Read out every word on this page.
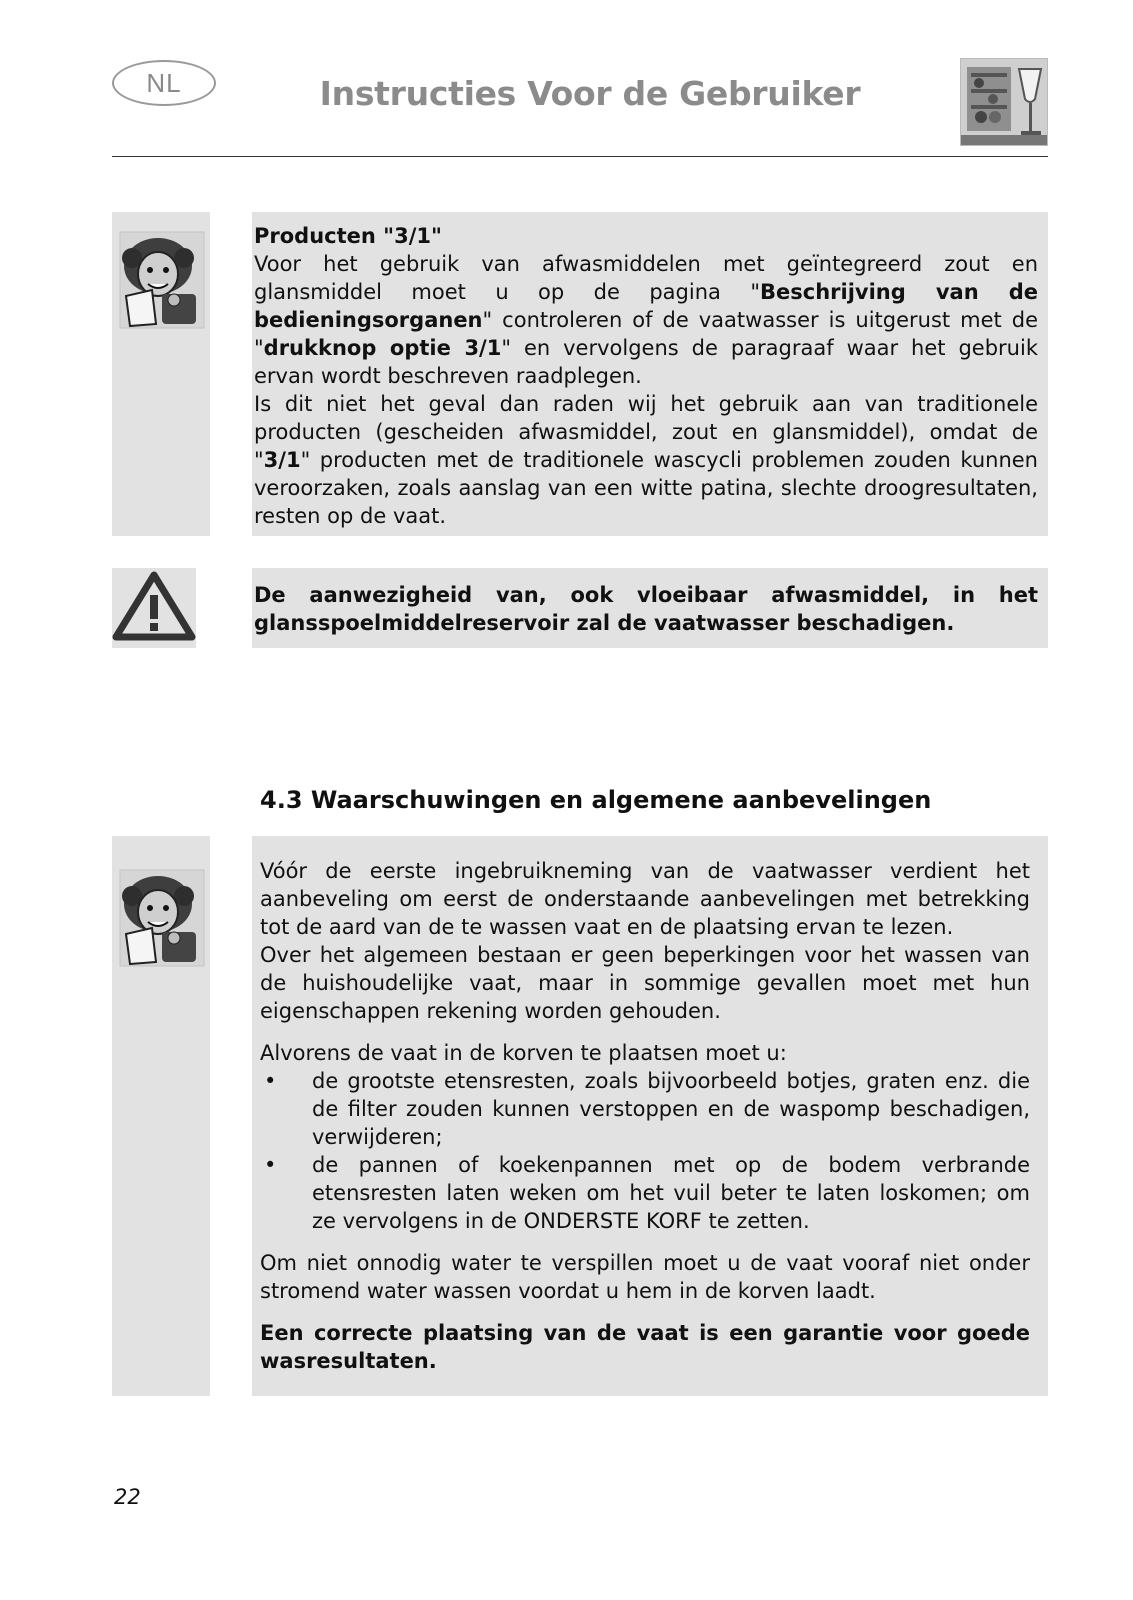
NL	Instructies Voor de Gebruiker

Producten "3/1"

Voor het gebruik van afwasmiddelen met geïntegreerd zout en glansmiddel moet u op de pagina "Beschrijving van de bedieningsorganen" controleren of de vaatwasser is uitgerust met de "drukknop optie 3/1" en vervolgens de paragraaf waar het gebruik ervan wordt beschreven raadplegen.

Is dit niet het geval dan raden wij het gebruik aan van traditionele producten (gescheiden afwasmiddel, zout en glansmiddel), omdat de "3/1" producten met de traditionele wascycli problemen zouden kunnen veroorzaken, zoals aanslag van een witte patina, slechte droogresultaten, resten op de vaat.

De aanwezigheid van, ook vloeibaar afwasmiddel, in het glansspoelmiddelreservoir zal de vaatwasser beschadigen.

4.3 Waarschuwingen en algemene aanbevelingen

Vóór de eerste ingebruikneming van de vaatwasser verdient het aanbeveling om eerst de onderstaande aanbevelingen met betrekking tot de aard van de te wassen vaat en de plaatsing ervan te lezen.

Over het algemeen bestaan er geen beperkingen voor het wassen van de huishoudelijke vaat, maar in sommige gevallen moet met hun eigenschappen rekening worden gehouden.

Alvorens de vaat in de korven te plaatsen moet u:

•	de grootste etensresten, zoals bijvoorbeeld botjes, graten enz. die de filter zouden kunnen verstoppen en de waspomp beschadigen, verwijderen;
•	de pannen of koekenpannen met op de bodem verbrande etensresten laten weken om het vuil beter te laten loskomen; om ze vervolgens in de ONDERSTE KORF te zetten.

Om niet onnodig water te verspillen moet u de vaat vooraf niet onder stromend water wassen voordat u hem in de korven laadt.

Een correcte plaatsing van de vaat is een garantie voor goede wasresultaten.

22
